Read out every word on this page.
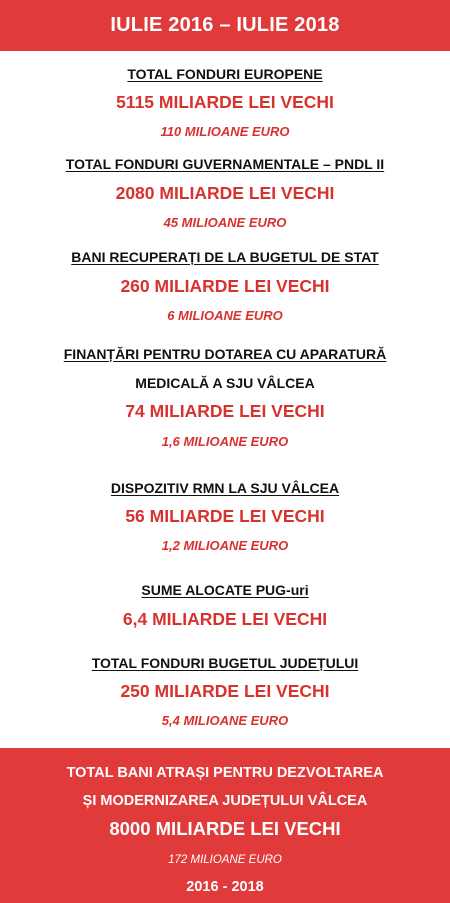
IULIE 2016 – IULIE 2018
TOTAL FONDURI EUROPENE
5115 MILIARDE LEI VECHI
110 MILIOANE EURO
TOTAL FONDURI GUVERNAMENTALE – PNDL II
2080 MILIARDE LEI VECHI
45 MILIOANE EURO
BANI RECUPERAȚI DE LA BUGETUL DE STAT
260 MILIARDE LEI VECHI
6 MILIOANE EURO
FINANȚĂRI PENTRU DOTAREA CU APARATURĂ
MEDICALĂ A SJU VÂLCEA
74 MILIARDE LEI VECHI
1,6 MILIOANE EURO
DISPOZITIV RMN LA SJU VÂLCEA
56 MILIARDE LEI VECHI
1,2 MILIOANE EURO
SUME ALOCATE PUG-uri
6,4 MILIARDE LEI VECHI
TOTAL FONDURI BUGETUL JUDEȚULUI
250 MILIARDE LEI VECHI
5,4 MILIOANE EURO
TOTAL BANI ATRAȘI PENTRU DEZVOLTAREA
ȘI MODERNIZAREA JUDEȚULUI VÂLCEA
8000 MILIARDE LEI VECHI
172 MILIOANE EURO
2016 - 2018
